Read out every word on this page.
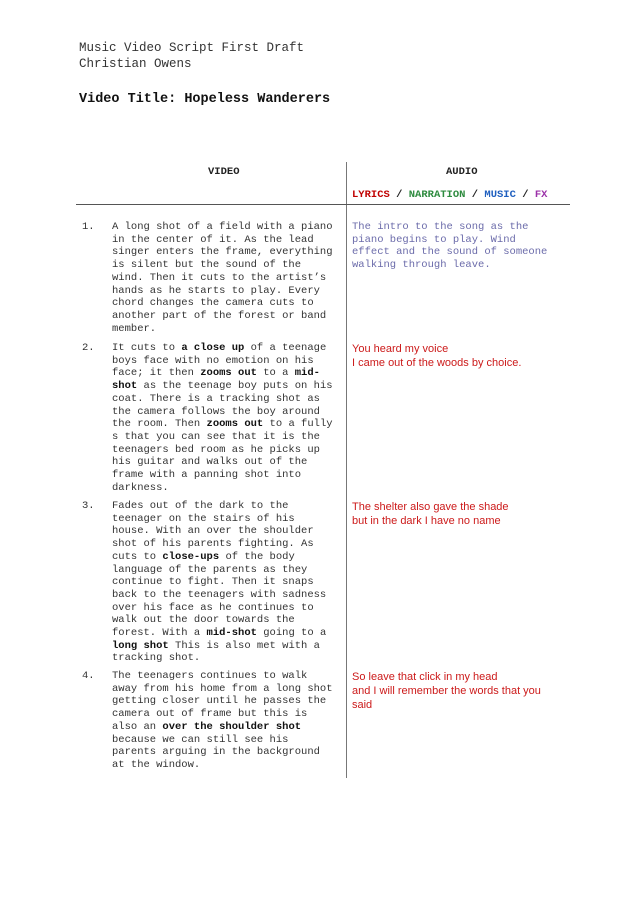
Music Video Script First Draft
Christian Owens
Video Title: Hopeless Wanderers
VIDEO	AUDIO
LYRICS / NARRATION / MUSIC / FX
1. A long shot of a field with a piano
in the center of it. As the lead
singer enters the frame, everything
is silent but the sound of the
wind. Then it cuts to the artist’s
hands as he starts to play. Every
chord changes the camera cuts to
another part of the forest or band
member.
The intro to the song as the
piano begins to play. Wind
effect and the sound of someone
walking through leave.
2. It cuts to a close up of a teenage
boys face with no emotion on his
face; it then zooms out to a mid-
shot as the teenage boy puts on his
coat. There is a tracking shot as
the camera follows the boy around
the room. Then zooms out to a fully
s that you can see that it is the
teenagers bed room as he picks up
his guitar and walks out of the
frame with a panning shot into
darkness.
You heard my voice
I came out of the woods by choice.
3. Fades out of the dark to the
teenager on the stairs of his
house. With an over the shoulder
shot of his parents fighting. As
cuts to close-ups of the body
language of the parents as they
continue to fight. Then it snaps
back to the teenagers with sadness
over his face as he continues to
walk out the door towards the
forest. With a mid-shot going to a
long shot This is also met with a
tracking shot.
The shelter also gave the shade
but in the dark I have no name
4. The teenagers continues to walk
away from his home from a long shot
getting closer until he passes the
camera out of frame but this is
also an over the shoulder shot
because we can still see his
parents arguing in the background
at the window.
So leave that click in my head
and I will remember the words that you
said
